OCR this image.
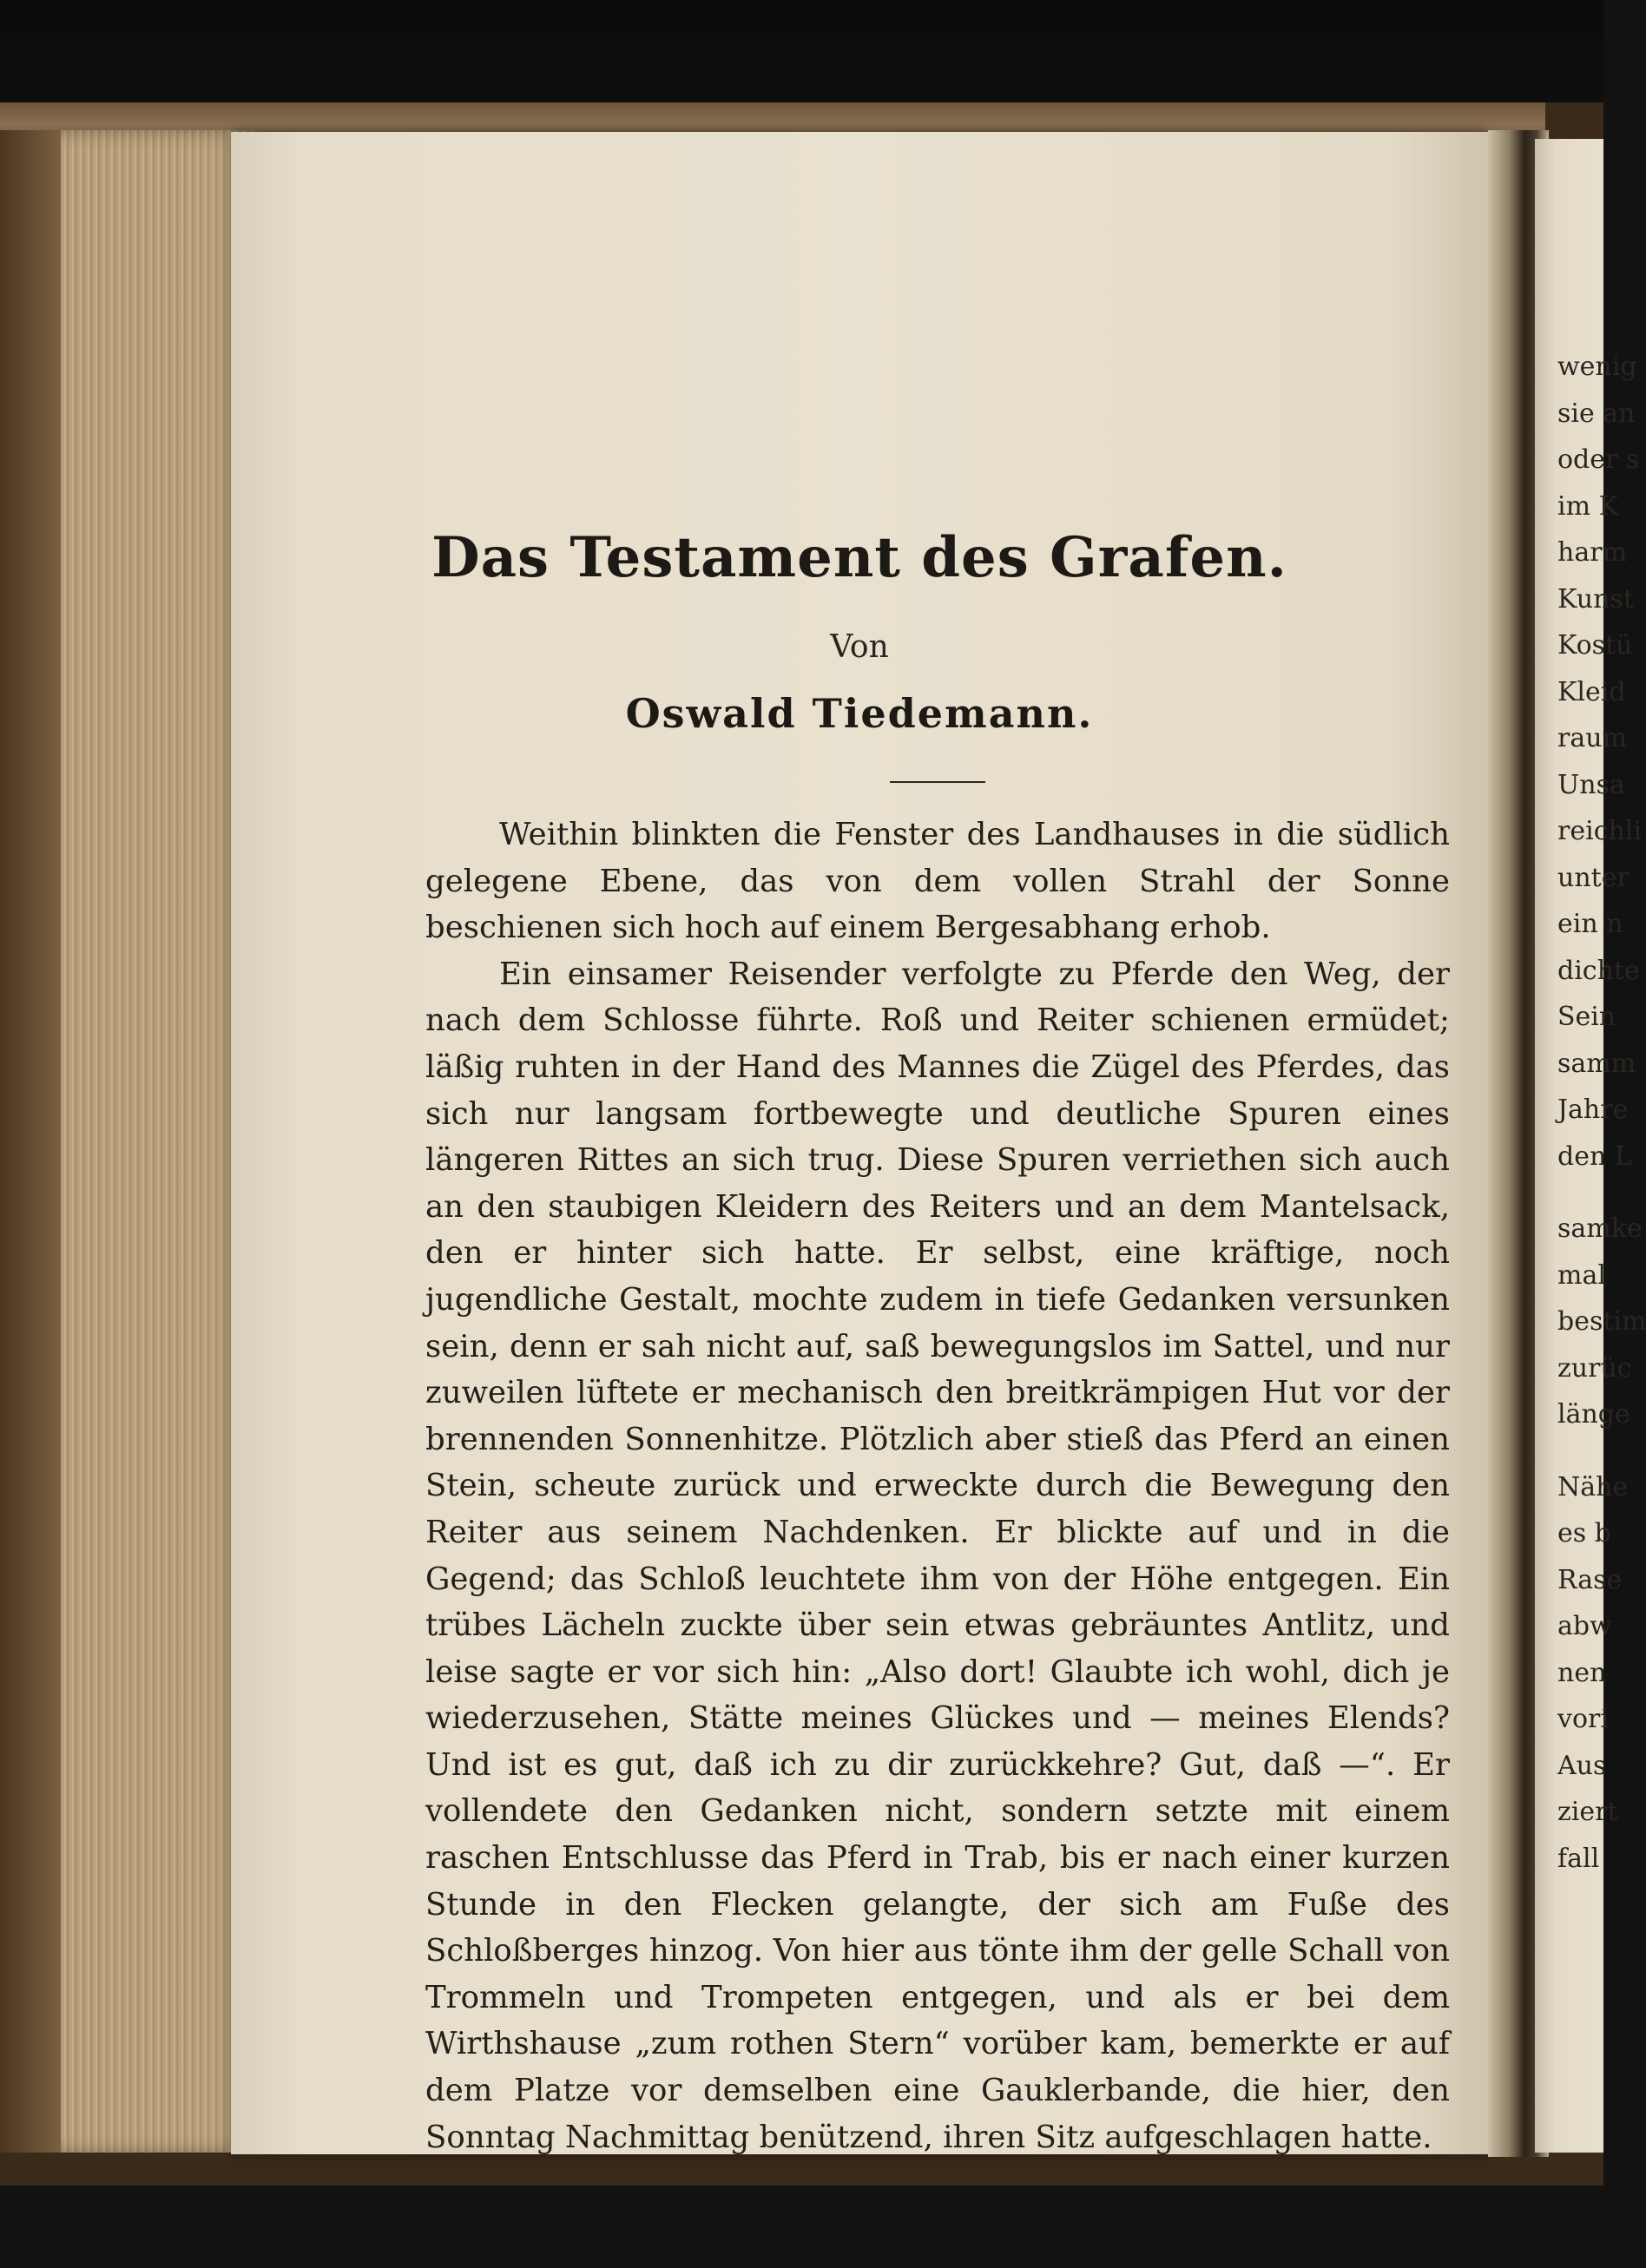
wenig
sie an
oder s
im K
harm
Kunst
Kostü
Kleid
raum
Unsa
reichli
unter
ein n
dichte
Sein
samm
Jahre
den L
samke
mal
bestim
zurüc
länge
Nähe
es b
Rase
abw
nen
vori
Aus
ziert
fall
Das Testament des Grafen.
Von
Oswald Tiedemann.

Weithin blinkten die Fenster des Landhauses in die südlich gelegene Ebene, das von dem vollen Strahl der Sonne beschienen sich hoch auf einem Bergesabhang erhob.

Ein einsamer Reisender verfolgte zu Pferde den Weg, der nach dem Schlosse führte. Roß und Reiter schienen ermüdet; läßig ruhten in der Hand des Mannes die Zügel des Pferdes, das sich nur langsam fortbewegte und deutliche Spuren eines längeren Rittes an sich trug. Diese Spuren verriethen sich auch an den staubigen Kleidern des Reiters und an dem Mantelsack, den er hinter sich hatte. Er selbst, eine kräftige, noch jugendliche Gestalt, mochte zudem in tiefe Gedanken versunken sein, denn er sah nicht auf, saß bewegungslos im Sattel, und nur zuweilen lüftete er mechanisch den breitkrämpigen Hut vor der brennenden Sonnenhitze. Plötzlich aber stieß das Pferd an einen Stein, scheute zurück und erweckte durch die Bewegung den Reiter aus seinem Nachdenken. Er blickte auf und in die Gegend; das Schloß leuchtete ihm von der Höhe entgegen. Ein trübes Lächeln zuckte über sein etwas gebräuntes Antlitz, und leise sagte er vor sich hin: „Also dort! Glaubte ich wohl, dich je wiederzusehen, Stätte meines Glückes und — meines Elends? Und ist es gut, daß ich zu dir zurückkehre? Gut, daß —“. Er vollendete den Gedanken nicht, sondern setzte mit einem raschen Entschlusse das Pferd in Trab, bis er nach einer kurzen Stunde in den Flecken gelangte, der sich am Fuße des Schloßberges hinzog. Von hier aus tönte ihm der gelle Schall von Trommeln und Trompeten entgegen, und als er bei dem Wirthshause „zum rothen Stern“ vorüber kam, bemerkte er auf dem Platze vor demselben eine Gauklerbande, die hier, den Sonntag Nachmittag benützend, ihren Sitz aufgeschlagen hatte.
